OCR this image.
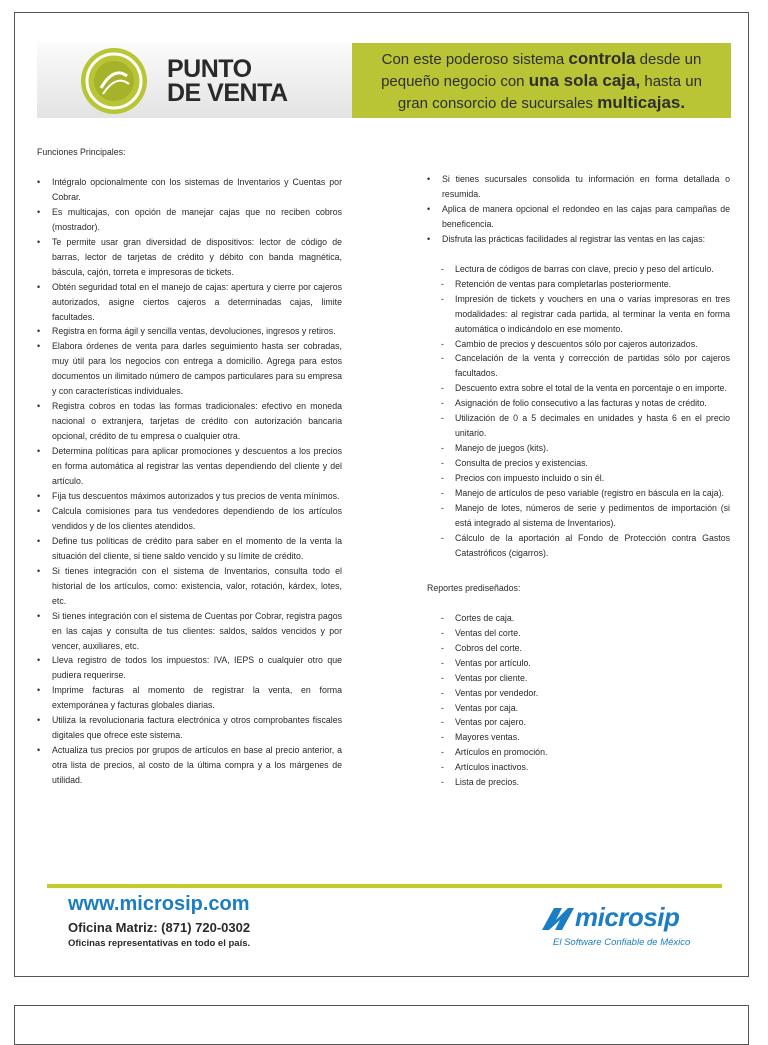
PUNTO
DE VENTA
Con este poderoso sistema controla desde un
pequeño negocio con una sola caja, hasta un
gran consorcio de sucursales multicajas.

Funciones Principales:

• Intégralo opcionalmente con los sistemas de Inventarios y Cuentas por Cobrar.
• Es multicajas, con opción de manejar cajas que no reciben cobros (mostrador).
• Te permite usar gran diversidad de dispositivos: lector de código de barras, lector de tarjetas de crédito y débito con banda magnética, báscula, cajón, torreta e impresoras de tickets.
• Obtén seguridad total en el manejo de cajas: apertura y cierre por cajeros autorizados, asigne ciertos cajeros a determinadas cajas, limite facultades.
• Registra en forma ágil y sencilla ventas, devoluciones, ingresos y retiros.
• Elabora órdenes de venta para darles seguimiento hasta ser cobradas, muy útil para los negocios con entrega a domicilio. Agrega para estos documentos un ilimitado número de campos particulares para su empresa y con características individuales.
• Registra cobros en todas las formas tradicionales: efectivo en moneda nacional o extranjera, tarjetas de crédito con autorización bancaria opcional, crédito de tu empresa o cualquier otra.
• Determina políticas para aplicar promociones y descuentos a los precios en forma automática al registrar las ventas dependiendo del cliente y del artículo.
• Fija tus descuentos máximos autorizados y tus precios de venta mínimos.
• Calcula comisiones para tus vendedores dependiendo de los artículos vendidos y de los clientes atendidos.
• Define tus políticas de crédito para saber en el momento de la venta la situación del cliente, si tiene saldo vencido y su límite de crédito.
• Si tienes integración con el sistema de Inventarios, consulta todo el historial de los artículos, como: existencia, valor, rotación, kárdex, lotes, etc.
• Si tienes integración con el sistema de Cuentas por Cobrar, registra pagos en las cajas y consulta de tus clientes: saldos, saldos vencidos y por vencer, auxiliares, etc.
• Lleva registro de todos los impuestos: IVA, IEPS o cualquier otro que pudiera requerirse.
• Imprime facturas al momento de registrar la venta, en forma extemporánea y facturas globales diarias.
• Utiliza la revolucionaria factura electrónica y otros comprobantes fiscales digitales que ofrece este sistema.
• Actualiza tus precios por grupos de artículos en base al precio anterior, a otra lista de precios, al costo de la última compra y a los márgenes de utilidad.
• Si tienes sucursales consolida tu información en forma detallada o resumida.
• Aplica de manera opcional el redondeo en las cajas para campañas de beneficencia.
• Disfruta las prácticas facilidades al registrar las ventas en las cajas:
- Lectura de códigos de barras con clave, precio y peso del artículo.
- Retención de ventas para completarlas posteriormente.
- Impresión de tickets y vouchers en una o varias impresoras en tres modalidades: al registrar cada partida, al terminar la venta en forma automática o indicándolo en ese momento.
- Cambio de precios y descuentos sólo por cajeros autorizados.
- Cancelación de la venta y corrección de partidas sólo por cajeros facultados.
- Descuento extra sobre el total de la venta en porcentaje o en importe.
- Asignación de folio consecutivo a las facturas y notas de crédito.
- Utilización de 0 a 5 decimales en unidades y hasta 6 en el precio unitario.
- Manejo de juegos (kits).
- Consulta de precios y existencias.
- Precios con impuesto incluido o sin él.
- Manejo de artículos de peso variable (registro en báscula en la caja).
- Manejo de lotes, números de serie y pedimentos de importación (si está integrado al sistema de Inventarios).
- Cálculo de la aportación al Fondo de Protección contra Gastos Catastróficos (cigarros).

Reportes prediseñados:

- Cortes de caja.
- Ventas del corte.
- Cobros del corte.
- Ventas por artículo.
- Ventas por cliente.
- Ventas por vendedor.
- Ventas por caja.
- Ventas por cajero.
- Mayores ventas.
- Artículos en promoción.
- Artículos inactivos.
- Lista de precios.
www.microsip.com
Oficina Matriz: (871) 720-0302
Oficinas representativas en todo el país.
microsip
El Software Confiable de México
